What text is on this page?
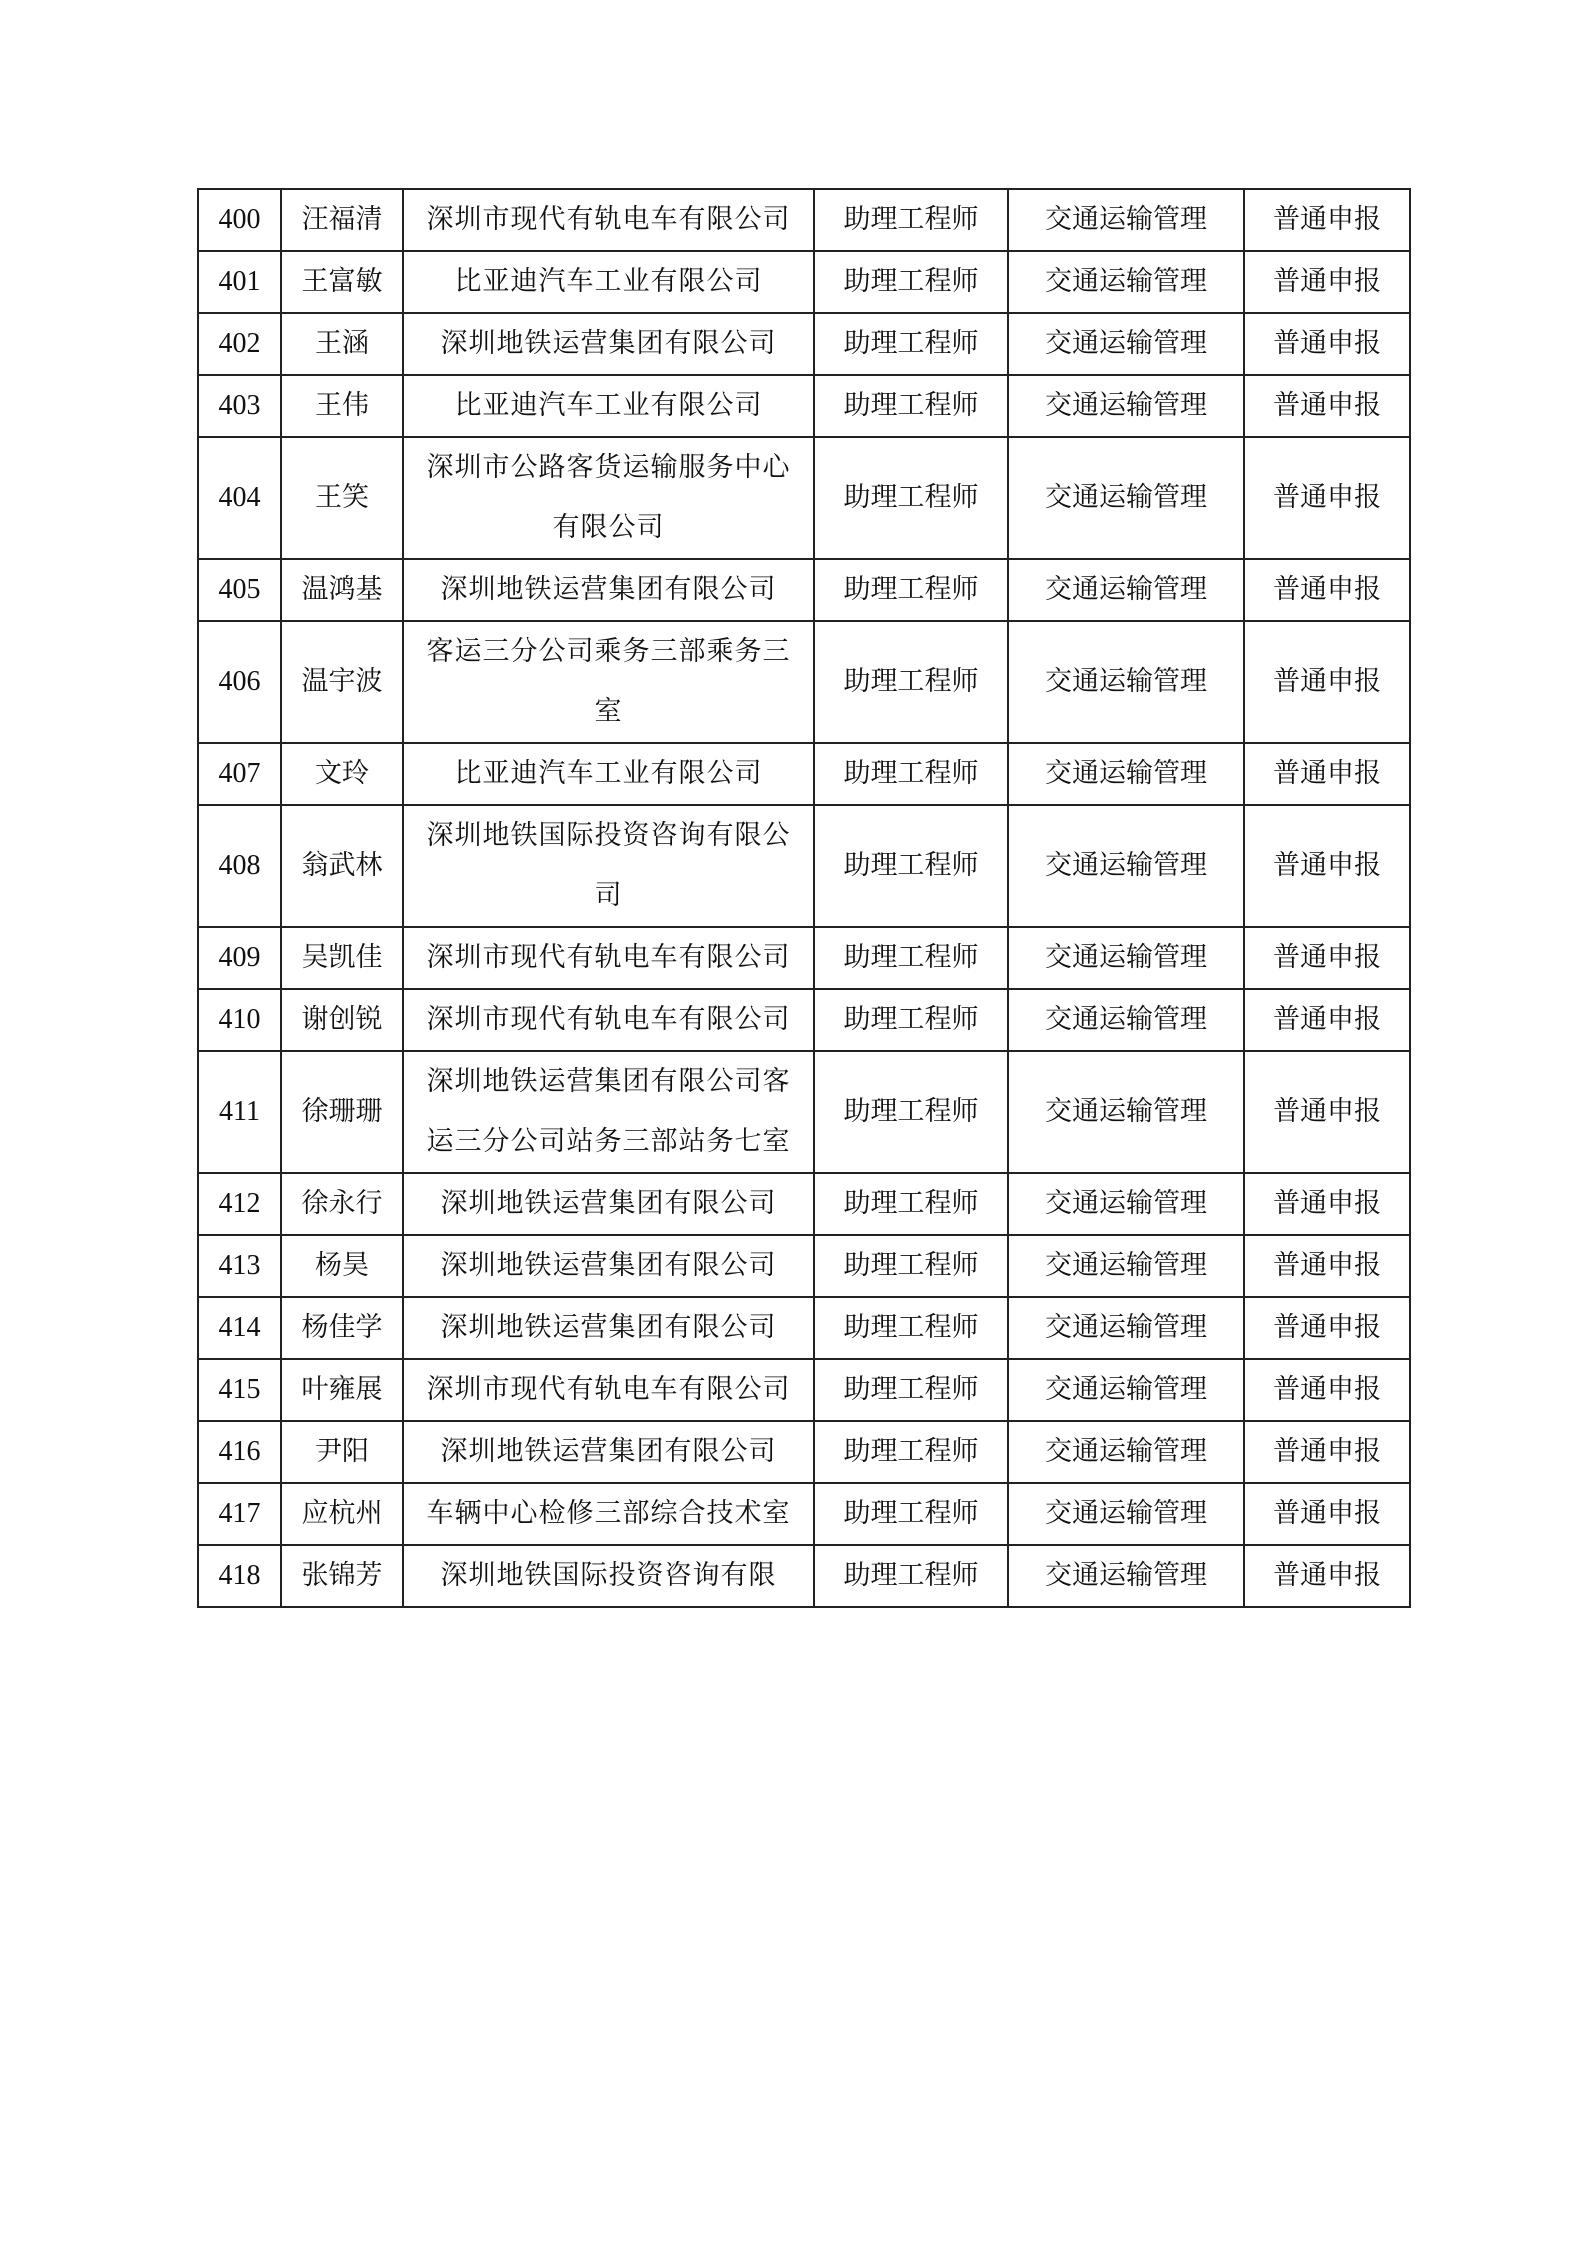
400	汪福清	深圳市现代有轨电车有限公司	助理工程师	交通运输管理	普通申报
401	王富敏	比亚迪汽车工业有限公司	助理工程师	交通运输管理	普通申报
402	王涵	深圳地铁运营集团有限公司	助理工程师	交通运输管理	普通申报
403	王伟	比亚迪汽车工业有限公司	助理工程师	交通运输管理	普通申报
404	王笑	深圳市公路客货运输服务中心有限公司	助理工程师	交通运输管理	普通申报
405	温鸿基	深圳地铁运营集团有限公司	助理工程师	交通运输管理	普通申报
406	温宇波	客运三分公司乘务三部乘务三室	助理工程师	交通运输管理	普通申报
407	文玲	比亚迪汽车工业有限公司	助理工程师	交通运输管理	普通申报
408	翁武林	深圳地铁国际投资咨询有限公司	助理工程师	交通运输管理	普通申报
409	吴凯佳	深圳市现代有轨电车有限公司	助理工程师	交通运输管理	普通申报
410	谢创锐	深圳市现代有轨电车有限公司	助理工程师	交通运输管理	普通申报
411	徐珊珊	深圳地铁运营集团有限公司客运三分公司站务三部站务七室	助理工程师	交通运输管理	普通申报
412	徐永行	深圳地铁运营集团有限公司	助理工程师	交通运输管理	普通申报
413	杨昊	深圳地铁运营集团有限公司	助理工程师	交通运输管理	普通申报
414	杨佳学	深圳地铁运营集团有限公司	助理工程师	交通运输管理	普通申报
415	叶雍展	深圳市现代有轨电车有限公司	助理工程师	交通运输管理	普通申报
416	尹阳	深圳地铁运营集团有限公司	助理工程师	交通运输管理	普通申报
417	应杭州	车辆中心检修三部综合技术室	助理工程师	交通运输管理	普通申报
418	张锦芳	深圳地铁国际投资咨询有限	助理工程师	交通运输管理	普通申报
